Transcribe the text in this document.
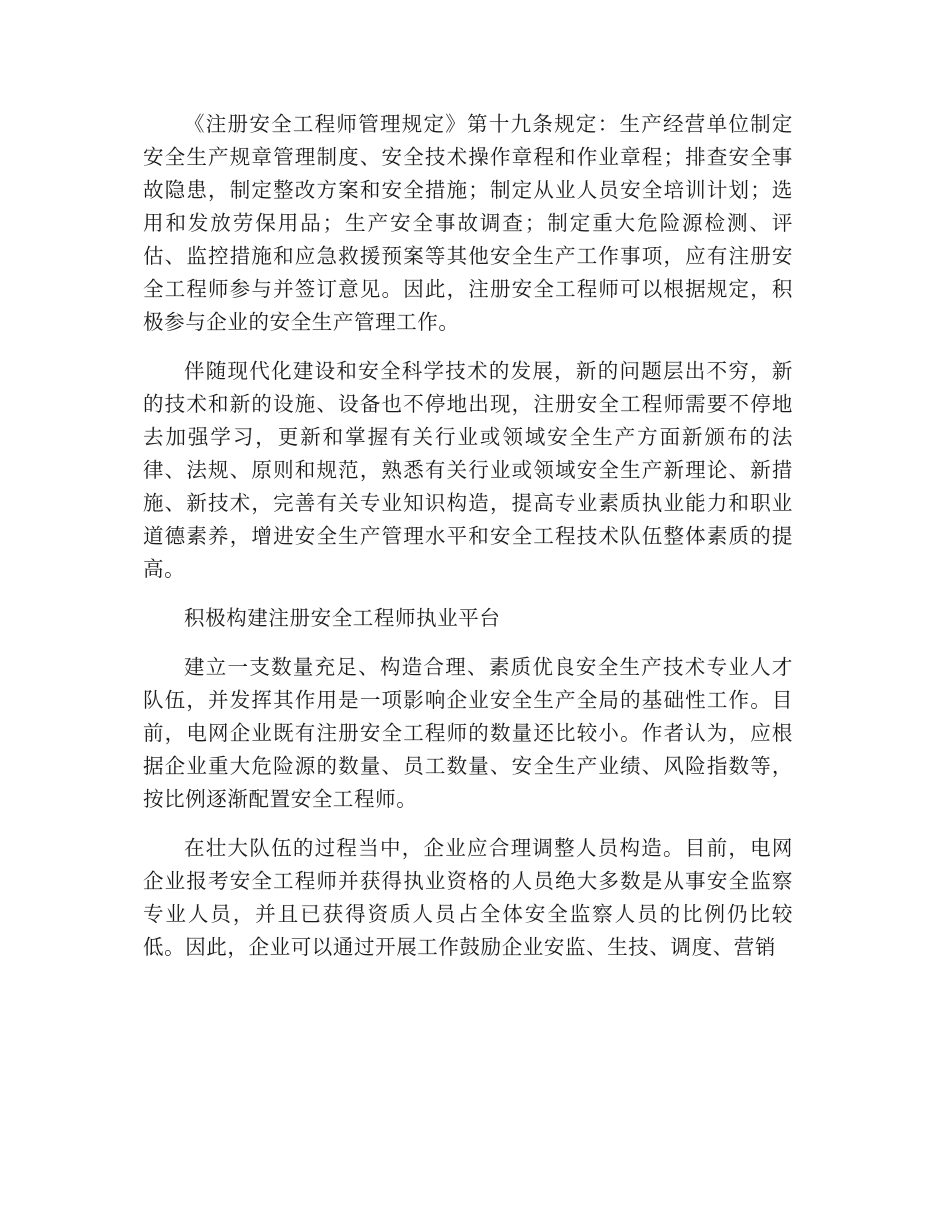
《注册安全工程师管理规定》第十九条规定：生产经营单位制定安全生产规章管理制度、安全技术操作章程和作业章程；排查安全事故隐患，制定整改方案和安全措施；制定从业人员安全培训计划；选用和发放劳保用品；生产安全事故调查；制定重大危险源检测、评估、监控措施和应急救援预案等其他安全生产工作事项，应有注册安全工程师参与并签订意见。因此，注册安全工程师可以根据规定，积极参与企业的安全生产管理工作。

伴随现代化建设和安全科学技术的发展，新的问题层出不穷，新的技术和新的设施、设备也不停地出现，注册安全工程师需要不停地去加强学习，更新和掌握有关行业或领域安全生产方面新颁布的法律、法规、原则和规范，熟悉有关行业或领域安全生产新理论、新措施、新技术，完善有关专业知识构造，提高专业素质执业能力和职业道德素养，增进安全生产管理水平和安全工程技术队伍整体素质的提高。

积极构建注册安全工程师执业平台

建立一支数量充足、构造合理、素质优良安全生产技术专业人才队伍，并发挥其作用是一项影响企业安全生产全局的基础性工作。目前，电网企业既有注册安全工程师的数量还比较小。作者认为，应根据企业重大危险源的数量、员工数量、安全生产业绩、风险指数等，按比例逐渐配置安全工程师。

在壮大队伍的过程当中，企业应合理调整人员构造。目前，电网企业报考安全工程师并获得执业资格的人员绝大多数是从事安全监察专业人员，并且已获得资质人员占全体安全监察人员的比例仍比较低。因此，企业可以通过开展工作鼓励企业安监、生技、调度、营销
